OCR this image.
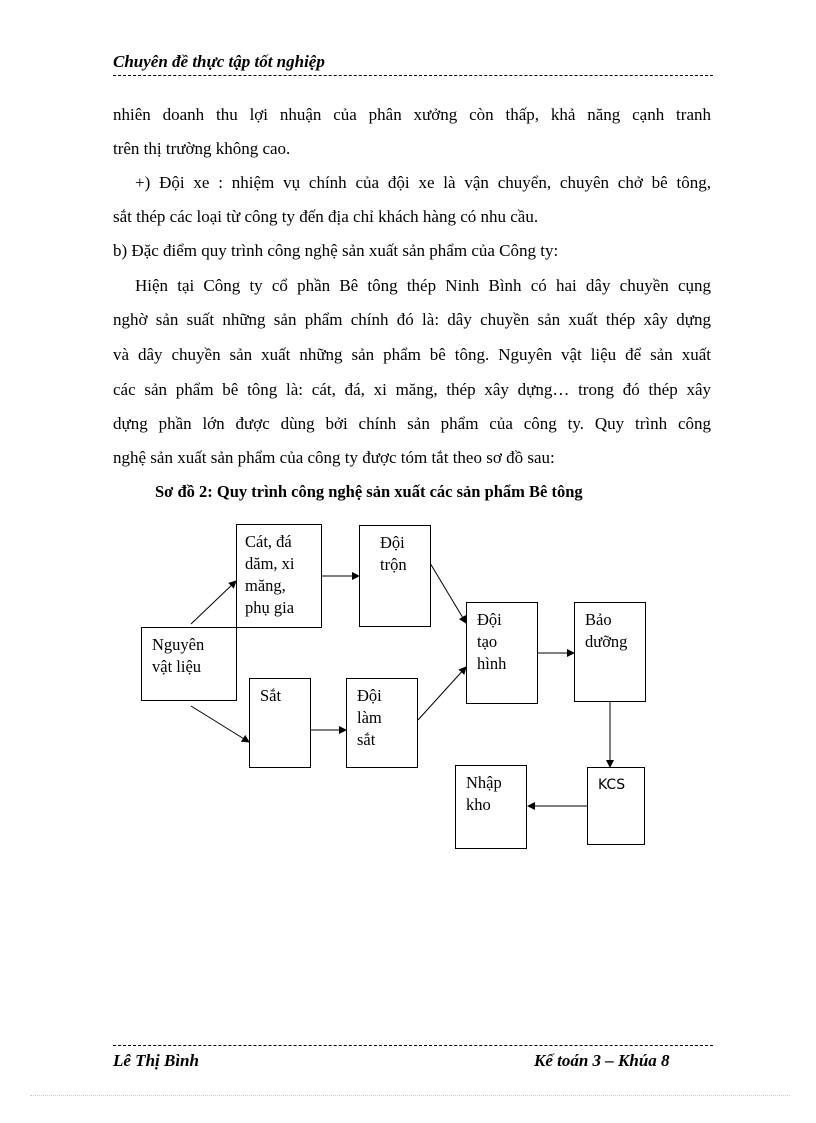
Chuyên đề thực tập tốt nghiệp
nhiên doanh thu lợi nhuận của phân xưởng còn thấp, khả năng cạnh tranh
trên thị trường không cao.
+) Đội xe : nhiệm vụ chính của đội xe là vận chuyển, chuyên chở bê tông,
sắt thép các loại từ công ty đến địa chỉ khách hàng có nhu cầu.
b) Đặc điểm quy trình công nghệ sản xuất sản phẩm của Công ty:
Hiện tại Công ty cổ phần Bê tông thép Ninh Bình có hai dây chuyền cụng
nghờ sản suất những sản phẩm chính đó là: dây chuyền sản xuất thép xây dựng
và dây chuyền sản xuất những sản phẩm bê tông. Nguyên vật liệu để sản xuất
các sản phẩm bê tông là: cát, đá, xi măng, thép xây dựng… trong đó thép xây
dựng phần lớn được dùng bởi chính sản phẩm của công ty. Quy trình công
nghệ sản xuất sản phẩm của công ty được tóm tắt theo sơ đồ sau:
Sơ đồ 2: Quy trình công nghệ sản xuất các sản phẩm Bê tông
Nguyên
vật liệu
Cát, đá
dăm, xi
măng,
phụ gia
Đội
trộn
Sắt	Đội
làm
sắt
Đội
tạo
hình
Bảo
dưỡng
KCS
Nhập
kho
Lê Thị Bình	Kế toán 3 – Khúa 8
